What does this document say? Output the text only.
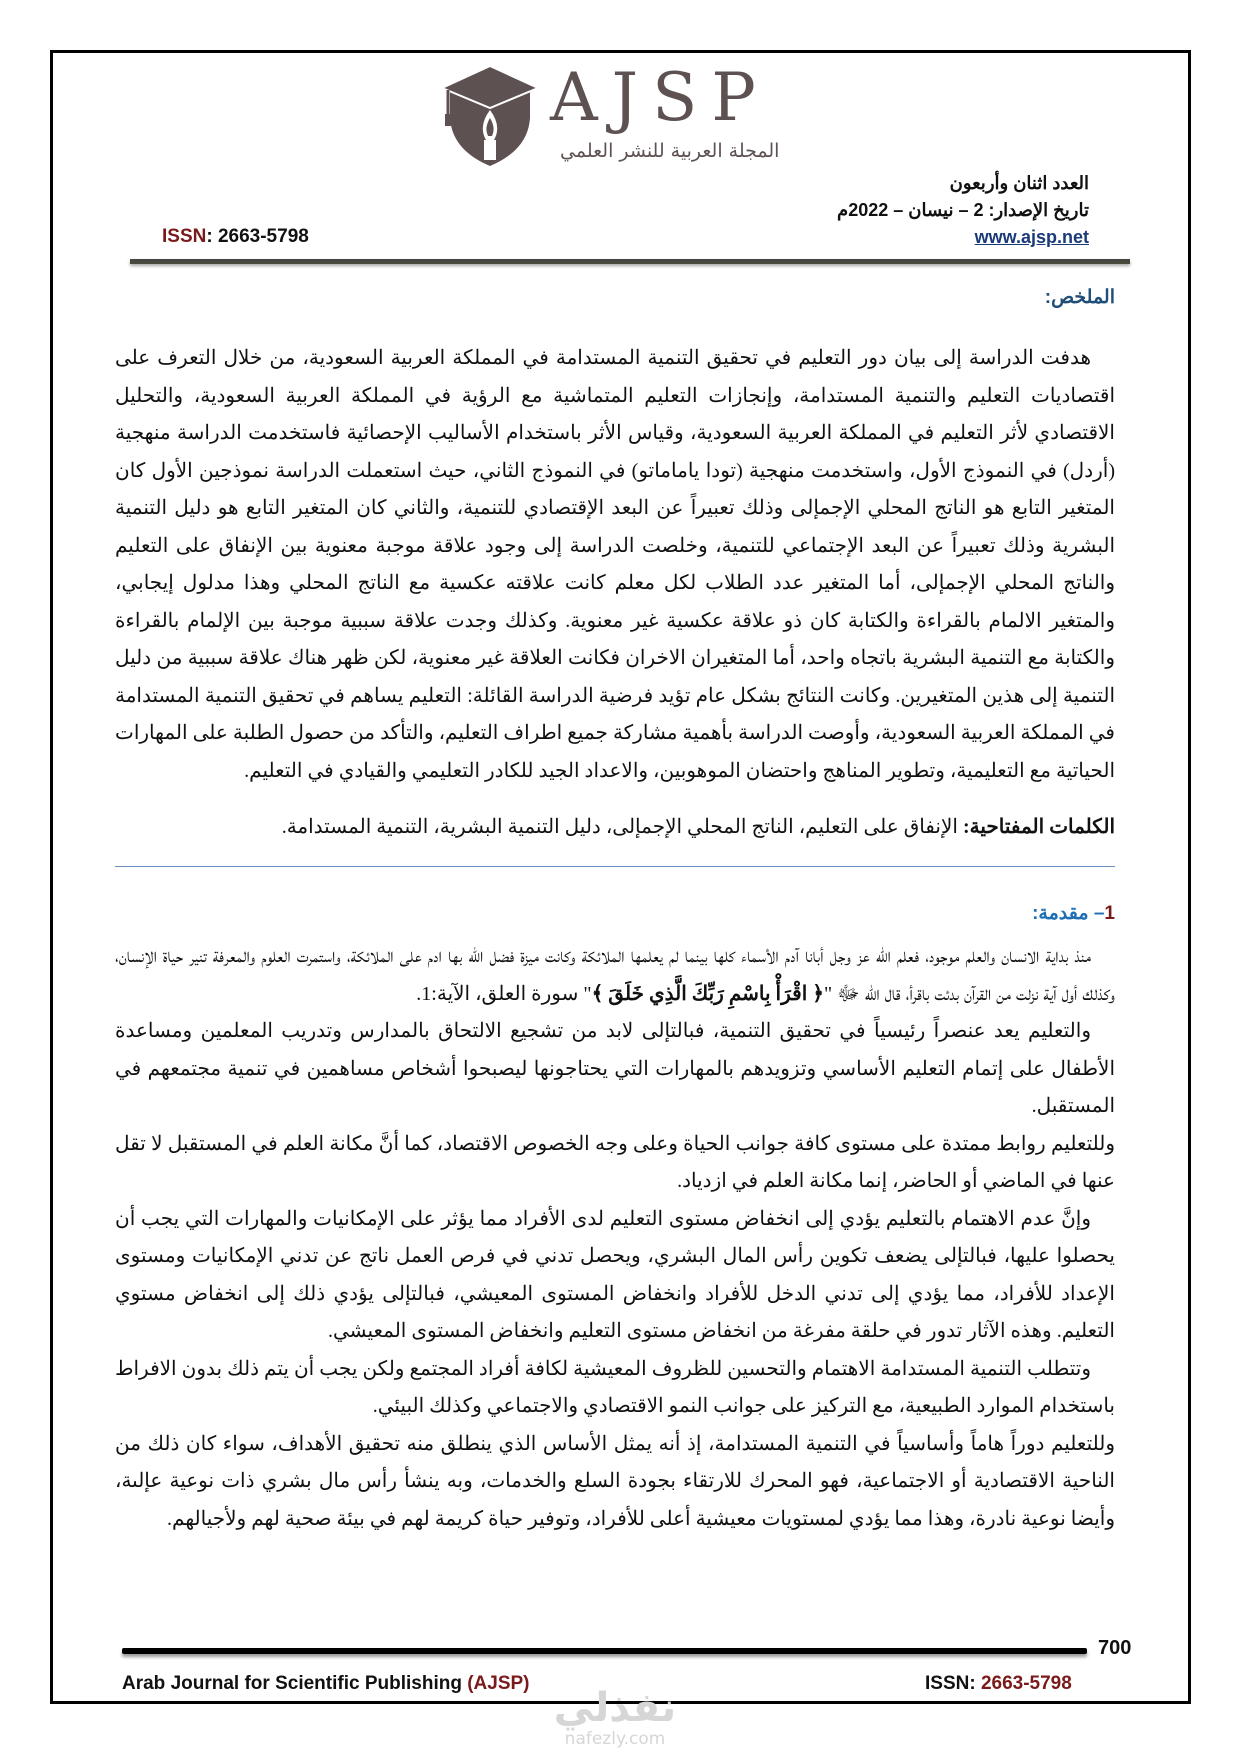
AJSP
المجلة العربية للنشر العلمي
العدد اثنان وأربعون
تاريخ الإصدار: 2 – نيسان – 2022م
www.ajsp.net
ISSN: 2663-5798
الملخص:

هدفت الدراسة إلى بيان دور التعليم في تحقيق التنمية المستدامة في المملكة العربية السعودية، من خلال التعرف على اقتصاديات التعليم والتنمية المستدامة، وإنجازات التعليم المتماشية مع الرؤية في المملكة العربية السعودية، والتحليل الاقتصادي لأثر التعليم في المملكة العربية السعودية، وقياس الأثر باستخدام الأساليب الإحصائية فاستخدمت الدراسة منهجية (أردل) في النموذج الأول، واستخدمت منهجية (تودا ياماماتو) في النموذج الثاني، حيث استعملت الدراسة نموذجين الأول كان المتغير التابع هو الناتج المحلي الإجمإلى وذلك تعبيراً عن البعد الإقتصادي للتنمية، والثاني كان المتغير التابع هو دليل التنمية البشرية وذلك تعبيراً عن البعد الإجتماعي للتنمية، وخلصت الدراسة إلى وجود علاقة موجبة معنوية بين الإنفاق على التعليم والناتج المحلي الإجمإلى، أما المتغير عدد الطلاب لكل معلم كانت علاقته عكسية مع الناتج المحلي وهذا مدلول إيجابي، والمتغير الالمام بالقراءة والكتابة كان ذو علاقة عكسية غير معنوية. وكذلك وجدت علاقة سببية موجبة بين الإلمام بالقراءة والكتابة مع التنمية البشرية باتجاه واحد، أما المتغيران الاخران فكانت العلاقة غير معنوية، لكن ظهر هناك علاقة سببية من دليل التنمية إلى هذين المتغيرين. وكانت النتائج بشكل عام تؤيد فرضية الدراسة القائلة: التعليم يساهم في تحقيق التنمية المستدامة في المملكة العربية السعودية، وأوصت الدراسة بأهمية مشاركة جميع اطراف التعليم، والتأكد من حصول الطلبة على المهارات الحياتية مع التعليمية، وتطوير المناهج واحتضان الموهوبين، والاعداد الجيد للكادر التعليمي والقيادي في التعليم.

الكلمات المفتاحية: الإنفاق على التعليم، الناتج المحلي الإجمإلى، دليل التنمية البشرية، التنمية المستدامة.
1– مقدمة:

منذ بداية الانسان والعلم موجود، فعلم الله عز وجل أبانا آدم الأسماء كلها بينما لم يعلمها الملائكة وكانت ميزة فضل الله بها ادم على الملائكة، واستمرت العلوم والمعرفة تنير حياة الإنسان، وكذلك أول آية نزلت من القرآن بدئت باقرأ، قال الله ﷻ "﴿ اقْرَأْ بِاسْمِ رَبِّكَ الَّذِي خَلَقَ ﴾" سورة العلق، الآية:1.

والتعليم يعد عنصراً رئيسياً في تحقيق التنمية، فبالتإلى لابد من تشجيع الالتحاق بالمدارس وتدريب المعلمين ومساعدة الأطفال على إتمام التعليم الأساسي وتزويدهم بالمهارات التي يحتاجونها ليصبحوا أشخاص مساهمين في تنمية مجتمعهم في المستقبل.

وللتعليم روابط ممتدة على مستوى كافة جوانب الحياة وعلى وجه الخصوص الاقتصاد، كما أنَّ مكانة العلم في المستقبل لا تقل عنها في الماضي أو الحاضر، إنما مكانة العلم في ازدياد.

وإنَّ عدم الاهتمام بالتعليم يؤدي إلى انخفاض مستوى التعليم لدى الأفراد مما يؤثر على الإمكانيات والمهارات التي يجب أن يحصلوا عليها، فبالتإلى يضعف تكوين رأس المال البشري، ويحصل تدني في فرص العمل ناتج عن تدني الإمكانيات ومستوى الإعداد للأفراد، مما يؤدي إلى تدني الدخل للأفراد وانخفاض المستوى المعيشي، فبالتإلى يؤدي ذلك إلى انخفاض مستوي التعليم. وهذه الآثار تدور في حلقة مفرغة من انخفاض مستوى التعليم وانخفاض المستوى المعيشي.

وتتطلب التنمية المستدامة الاهتمام والتحسين للظروف المعيشية لكافة أفراد المجتمع ولكن يجب أن يتم ذلك بدون الافراط باستخدام الموارد الطبيعية، مع التركيز على جوانب النمو الاقتصادي والاجتماعي وكذلك البيئي.

وللتعليم دوراً هاماً وأساسياً في التنمية المستدامة، إذ أنه يمثل الأساس الذي ينطلق منه تحقيق الأهداف، سواء كان ذلك من الناحية الاقتصادية أو الاجتماعية، فهو المحرك للارتقاء بجودة السلع والخدمات، وبه ينشأ رأس مال بشري ذات نوعية عإلىة، وأيضا نوعية نادرة، وهذا مما يؤدي لمستويات معيشية أعلى للأفراد، وتوفير حياة كريمة لهم في بيئة صحية لهم ولأجيالهم.

700
Arab Journal for Scientific Publishing (AJSP)	ISSN: 2663-5798
نفذلي
nafezly.com
